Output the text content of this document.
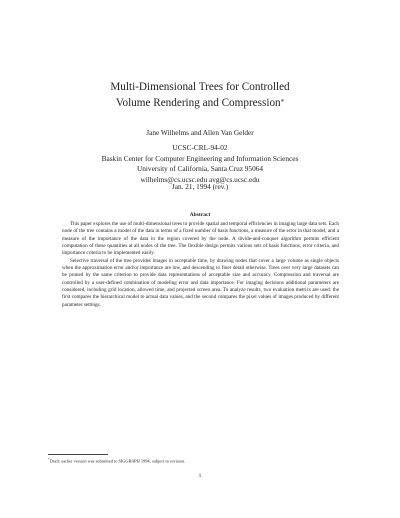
Multi-Dimensional Trees for Controlled
Volume Rendering and Compression*
Jane Wilhelms and Allen Van Gelder
UCSC-CRL-94-02
Baskin Center for Computer Engineering and Information Sciences
University of California, Santa Cruz 95064
wilhelms@cs.ucsc.edu avg@cs.ucsc.edu
Jan. 21, 1994 (rev.)
Abstract

This paper explores the use of multi-dimensional trees to provide spatial and temporal efficiencies in imaging large data sets. Each node of the tree contains a model of the data in terms of a fixed number of basis functions, a measure of the error in that model, and a measure of the importance of the data in the region covered by the node. A divide-and-conquer algorithm permits efficient computation of these quantities at all nodes of the tree. The flexible design permits various sets of basis functions, error criteria, and importance criteria to be implemented easily.

Selective traversal of the tree provides images in acceptable time, by drawing nodes that cover a large volume as single objects when the approximation error and/or importance are low, and descending to finer detail otherwise. Trees over very large datasets can be pruned by the same criterion to provide data representations of acceptable size and accuracy. Compression and traversal are controlled by a user-defined combination of modeling error and data importance. For imaging decisions additional parameters are considered, including grid location, allowed time, and projected screen area. To analyze results, two evaluation metrics are used: the first compares the hierarchical model to actual data values, and the second compares the pixel values of images produced by different parameter settings.

*Draft; earlier version was submitted to SIGGRAPH 1994; subject to revision.
1
